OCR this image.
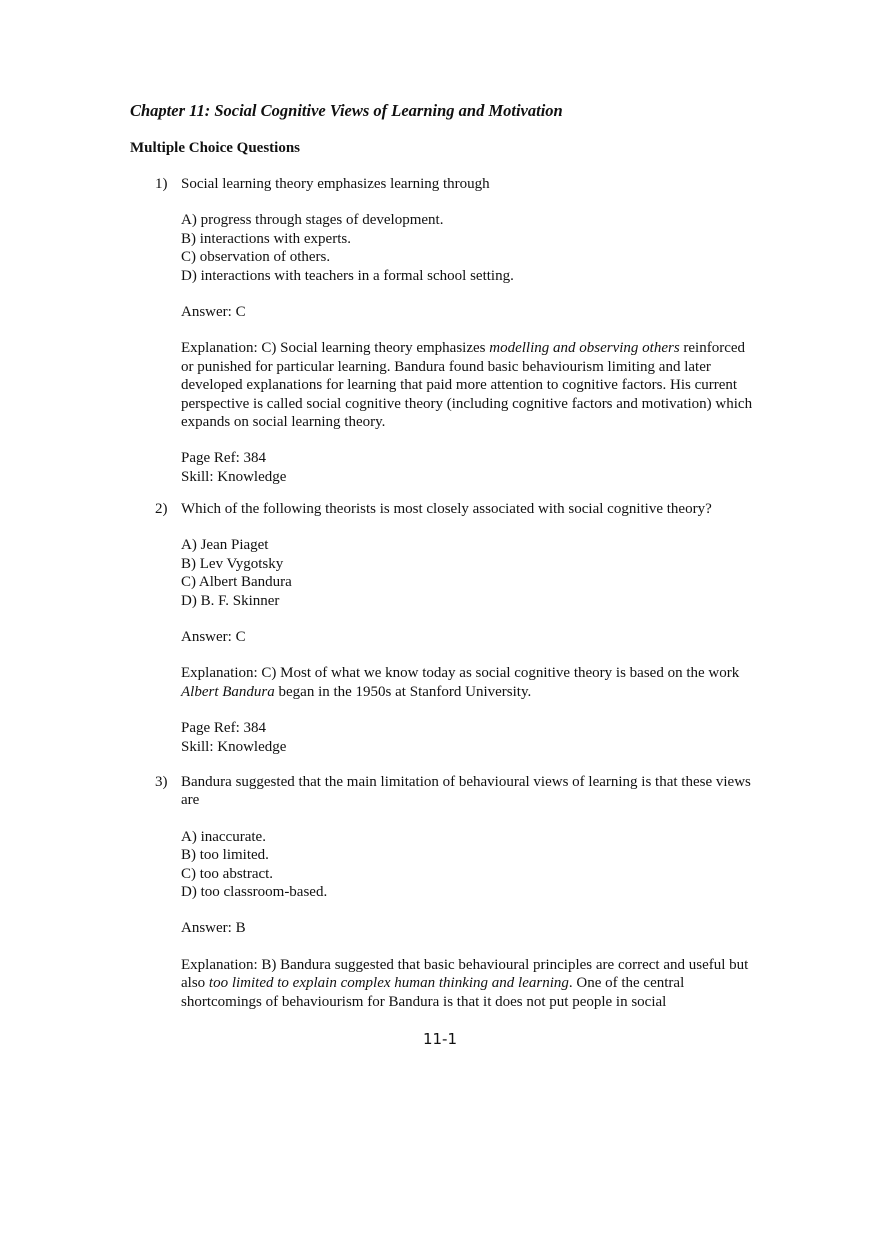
Chapter 11: Social Cognitive Views of Learning and Motivation
Multiple Choice Questions
1) Social learning theory emphasizes learning through

A) progress through stages of development.
B) interactions with experts.
C) observation of others.
D) interactions with teachers in a formal school setting.

Answer: C

Explanation: C) Social learning theory emphasizes modelling and observing others reinforced or punished for particular learning. Bandura found basic behaviourism limiting and later developed explanations for learning that paid more attention to cognitive factors. His current perspective is called social cognitive theory (including cognitive factors and motivation) which expands on social learning theory.

Page Ref: 384
Skill: Knowledge
2) Which of the following theorists is most closely associated with social cognitive theory?

A) Jean Piaget
B) Lev Vygotsky
C) Albert Bandura
D) B. F. Skinner

Answer: C

Explanation: C) Most of what we know today as social cognitive theory is based on the work Albert Bandura began in the 1950s at Stanford University.

Page Ref: 384
Skill: Knowledge
3) Bandura suggested that the main limitation of behavioural views of learning is that these views are

A) inaccurate.
B) too limited.
C) too abstract.
D) too classroom-based.

Answer: B

Explanation: B) Bandura suggested that basic behavioural principles are correct and useful but also too limited to explain complex human thinking and learning. One of the central shortcomings of behaviourism for Bandura is that it does not put people in social

11-1
